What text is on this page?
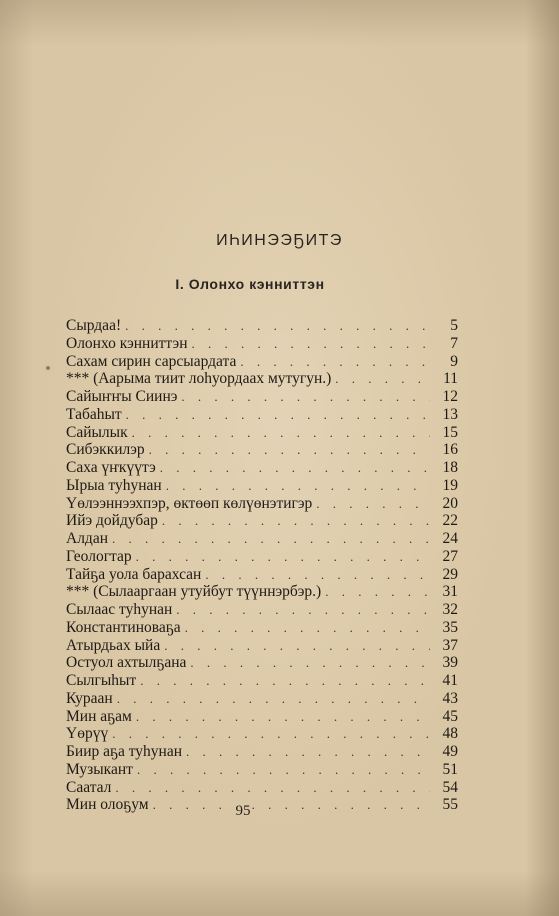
ИҺИНЭЭҔИТЭ
I. Олонхо кэнниттэн
Сырдаа! . . .	5
Олонхо кэнниттэн . . .	7
Сахам сирин сарсыардата . . .	9
*** (Аарыма тиит лоһуордаах мутугун.) . . .	11
Сайыҥҥы Сиинэ . . .	12
Табаһыт . . .	13
Сайылык . . .	15
Сибэккилэр . . .	16
Саха үҥкүүтэ . . .	18
Ырыа туһунан . . .	19
Үөлээннээхпэр, өктөөп көлүөнэтигэр . . .	20
Ийэ дойдубар . . .	22
Алдан . . .	24
Геологтар . . .	27
Тайҕа уола барахсан . . .	29
*** (Сылааргаан утуйбут түүннэрбэр.) . . .	31
Сылаас туһунан . . .	32
Константиноваҕа . . .	35
Атырдьах ыйа . . .	37
Остуол ахтылҕана . . .	39
Сылгыһыт . . .	41
Кураан . . .	43
Мин аҕам . . .	45
Үөрүү . . .	48
Биир аҕа туһунан . . .	49
Музыкант . . .	51
Саатал . . .	54
Мин олоҕум . . .	55
95
